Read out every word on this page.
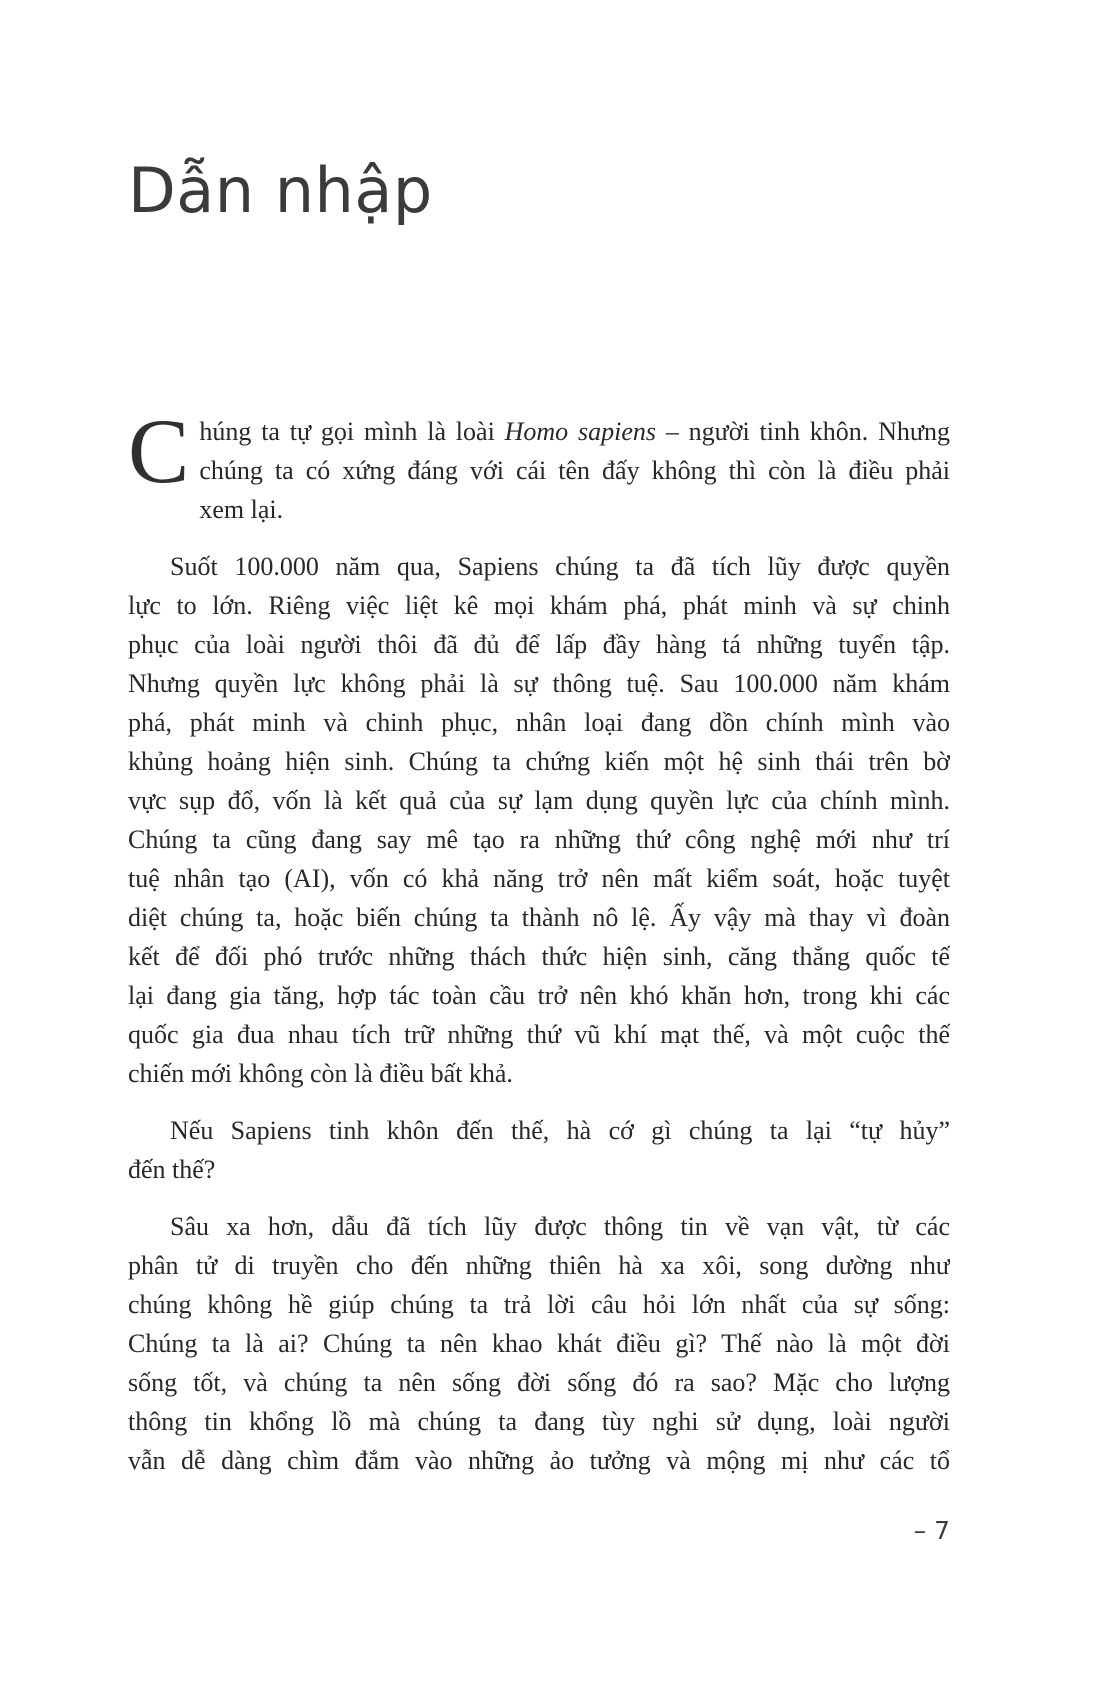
Dẫn nhập
C húng ta tự gọi mình là loài Homo sapiens – người tinh khôn. Nhưng
chúng ta có xứng đáng với cái tên đấy không thì còn là điều phải
xem lại.
Suốt 100.000 năm qua, Sapiens chúng ta đã tích lũy được quyền
lực to lớn. Riêng việc liệt kê mọi khám phá, phát minh và sự chinh
phục của loài người thôi đã đủ để lấp đầy hàng tá những tuyển tập.
Nhưng quyền lực không phải là sự thông tuệ. Sau 100.000 năm khám
phá, phát minh và chinh phục, nhân loại đang dồn chính mình vào
khủng hoảng hiện sinh. Chúng ta chứng kiến một hệ sinh thái trên bờ
vực sụp đổ, vốn là kết quả của sự lạm dụng quyền lực của chính mình.
Chúng ta cũng đang say mê tạo ra những thứ công nghệ mới như trí
tuệ nhân tạo (AI), vốn có khả năng trở nên mất kiểm soát, hoặc tuyệt
diệt chúng ta, hoặc biến chúng ta thành nô lệ. Ấy vậy mà thay vì đoàn
kết để đối phó trước những thách thức hiện sinh, căng thẳng quốc tế
lại đang gia tăng, hợp tác toàn cầu trở nên khó khăn hơn, trong khi các
quốc gia đua nhau tích trữ những thứ vũ khí mạt thế, và một cuộc thế
chiến mới không còn là điều bất khả.
Nếu Sapiens tinh khôn đến thế, hà cớ gì chúng ta lại “tự hủy”
đến thế?
Sâu xa hơn, dẫu đã tích lũy được thông tin về vạn vật, từ các
phân tử di truyền cho đến những thiên hà xa xôi, song dường như
chúng không hề giúp chúng ta trả lời câu hỏi lớn nhất của sự sống:
Chúng ta là ai? Chúng ta nên khao khát điều gì? Thế nào là một đời
sống tốt, và chúng ta nên sống đời sống đó ra sao? Mặc cho lượng
thông tin khổng lồ mà chúng ta đang tùy nghi sử dụng, loài người
vẫn dễ dàng chìm đắm vào những ảo tưởng và mộng mị như các tổ
– 7
